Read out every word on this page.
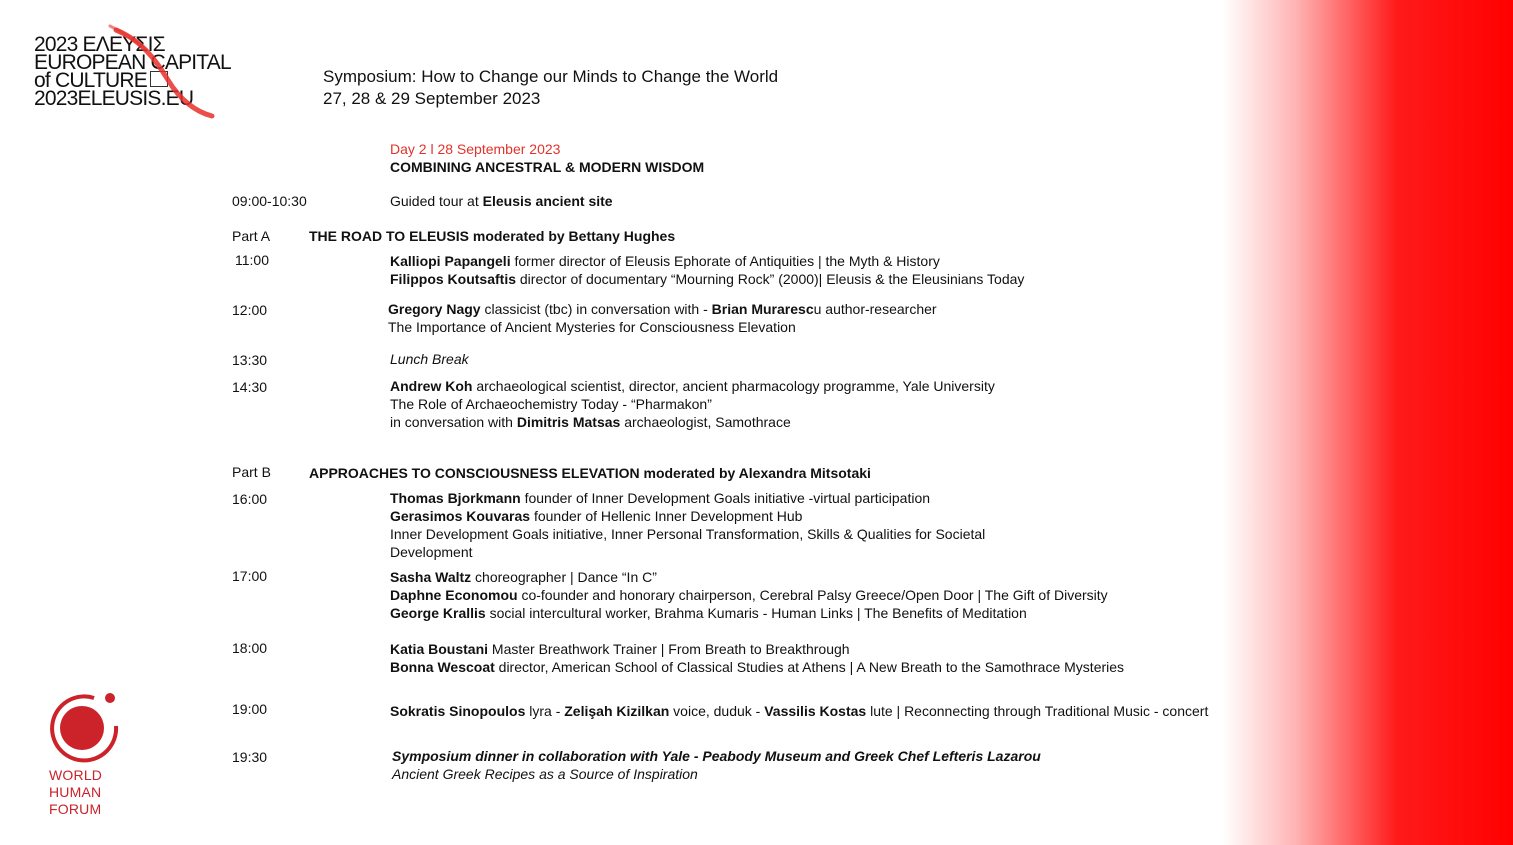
2023 ΕΛΕΥΣΙΣ
EUROPEAN CAPITAL
of CULTURE
2023ELEUSIS.EU
Symposium: How to Change our Minds to Change the World
27, 28 & 29 September 2023
Day 2 l 28 September 2023
COMBINING ANCESTRAL & MODERN WISDOM
09:00-10:30	Guided tour at Eleusis ancient site
Part A	THE ROAD TO ELEUSIS moderated by Bettany Hughes
11:00	Kalliopi Papangeli former director of Eleusis Ephorate of Antiquities | the Myth & History
Filippos Koutsaftis director of documentary “Mourning Rock” (2000)| Eleusis & the Eleusinians Today
12:00	Gregory Nagy classicist (tbc) in conversation with - Brian Murarescu author-researcher
The Importance of Ancient Mysteries for Consciousness Elevation
13:30	Lunch Break
14:30	Andrew Koh archaeological scientist, director, ancient pharmacology programme, Yale University
The Role of Archaeochemistry Today - “Pharmakon”
in conversation with Dimitris Matsas archaeologist, Samothrace
Part B	APPROACHES TO CONSCIOUSNESS ELEVATION moderated by Alexandra Mitsotaki
16:00	Thomas Bjorkmann founder of Inner Development Goals initiative -virtual participation
Gerasimos Kouvaras founder of Hellenic Inner Development Hub
Inner Development Goals initiative, Inner Personal Transformation, Skills & Qualities for Societal
Development
17:00	Sasha Waltz choreographer | Dance “In C”
Daphne Economou co-founder and honorary chairperson, Cerebral Palsy Greece/Open Door | The Gift of Diversity
George Krallis social intercultural worker, Brahma Kumaris - Human Links | The Benefits of Meditation
18:00	Katia Boustani Master Breathwork Trainer | From Breath to Breakthrough
Bonna Wescoat director, American School of Classical Studies at Athens | A New Breath to the Samothrace Mysteries
19:00	Sokratis Sinopoulos lyra - Zelişah Kizilkan voice, duduk - Vassilis Kostas lute | Reconnecting through Traditional Music - concert
19:30	Symposium dinner in collaboration with Yale - Peabody Museum and Greek Chef Lefteris Lazarou
Ancient Greek Recipes as a Source of Inspiration
WORLD
HUMAN
FORUM
